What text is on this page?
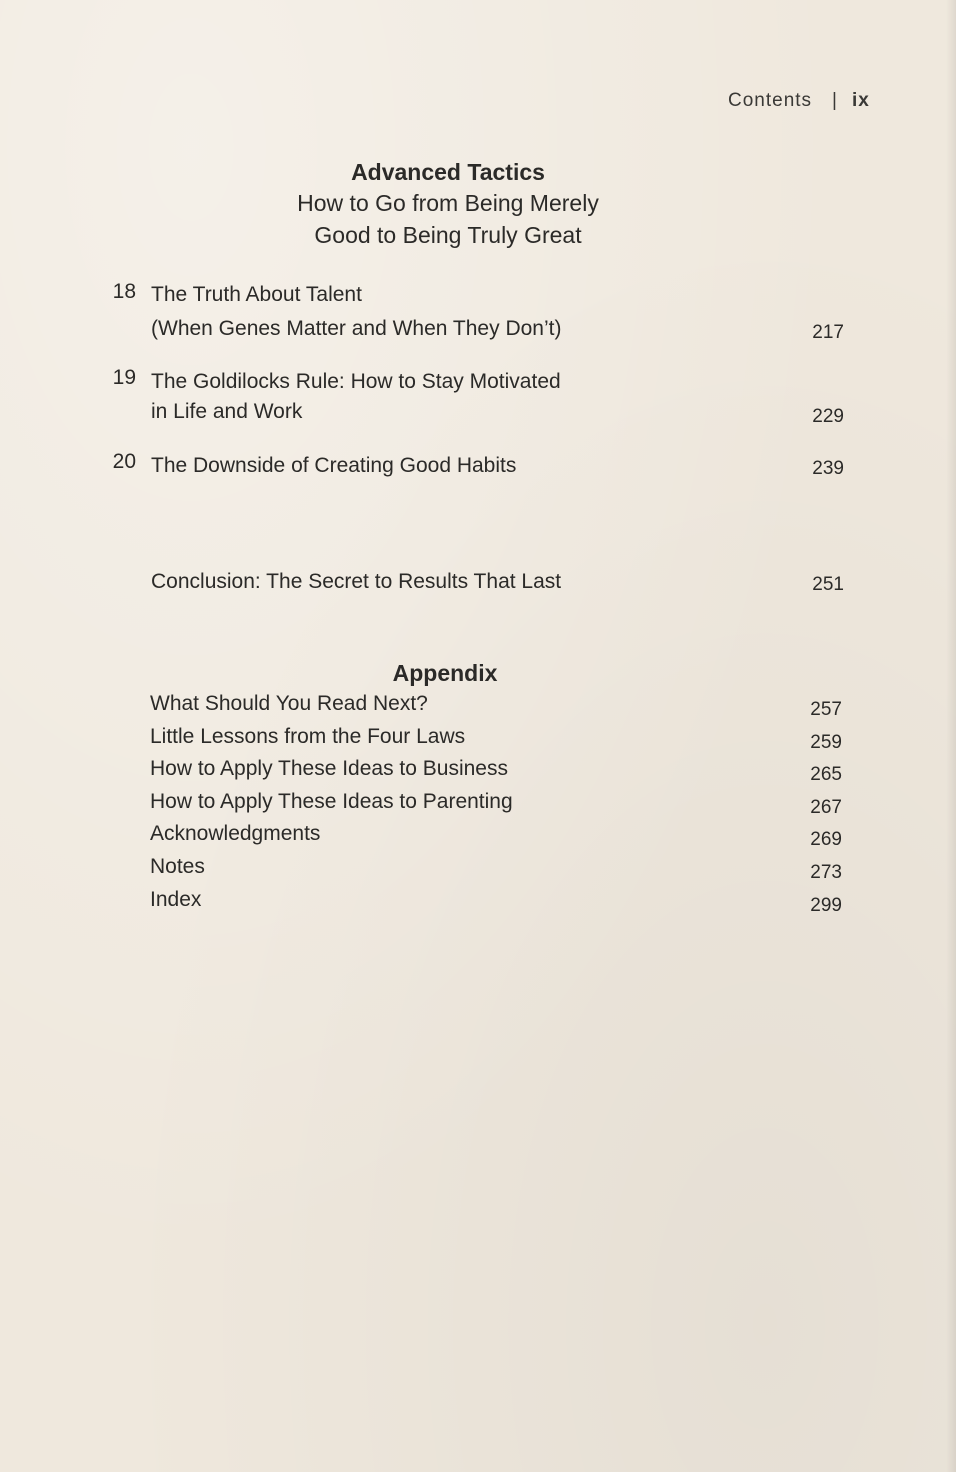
Contents | ix
Advanced Tactics
How to Go from Being Merely
Good to Being Truly Great
18 The Truth About Talent
(When Genes Matter and When They Don’t)	217
19 The Goldilocks Rule: How to Stay Motivated
in Life and Work	229
20 The Downside of Creating Good Habits	239
Conclusion: The Secret to Results That Last	251
Appendix
What Should You Read Next?	257
Little Lessons from the Four Laws	259
How to Apply These Ideas to Business	265
How to Apply These Ideas to Parenting	267
Acknowledgments	269
Notes	273
Index	299
